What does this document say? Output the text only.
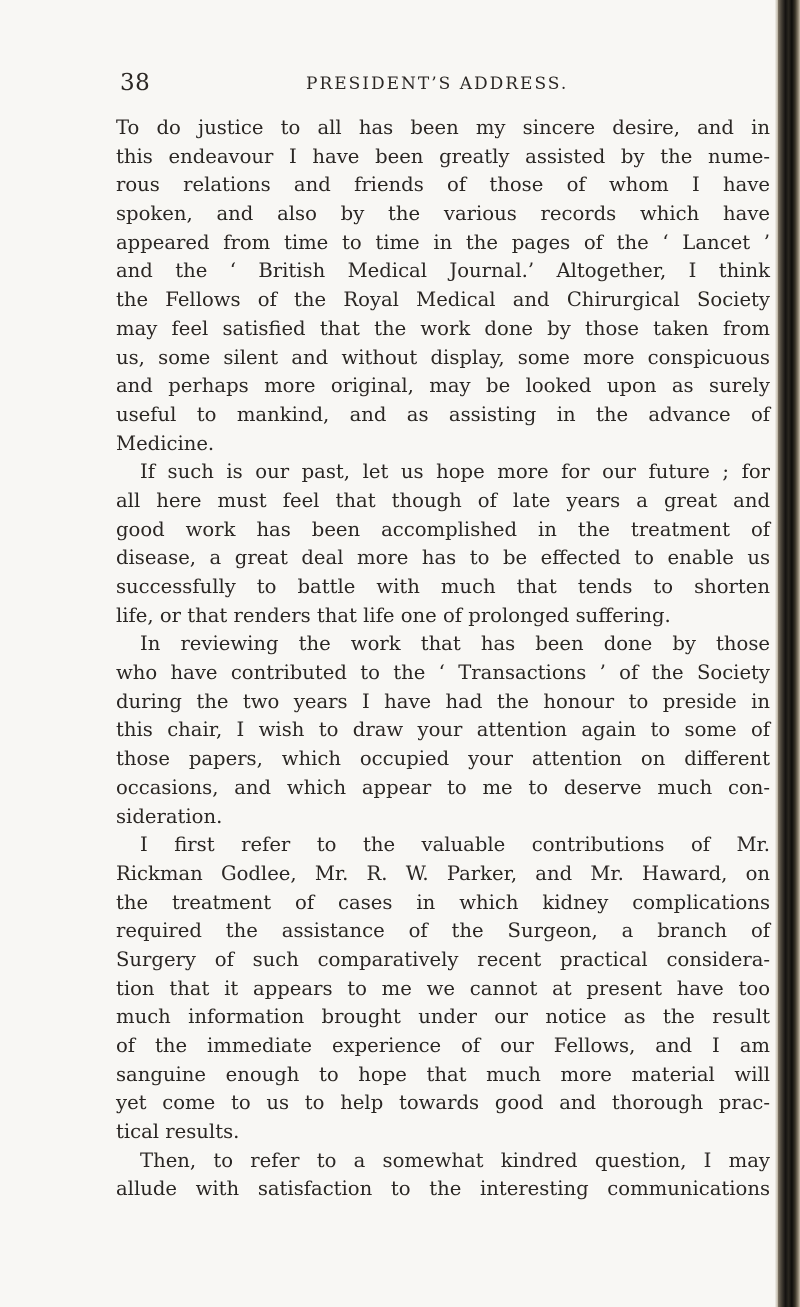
38	PRESIDENT’S ADDRESS.
To do justice to all has been my sincere desire, and in
this endeavour I have been greatly assisted by the nume-
rous relations and friends of those of whom I have
spoken, and also by the various records which have
appeared from time to time in the pages of the ‘ Lancet ’
and the ‘ British Medical Journal.’ Altogether, I think
the Fellows of the Royal Medical and Chirurgical Society
may feel satisfied that the work done by those taken from
us, some silent and without display, some more conspicuous
and perhaps more original, may be looked upon as surely
useful to mankind, and as assisting in the advance of
Medicine.
If such is our past, let us hope more for our future ; for
all here must feel that though of late years a great and
good work has been accomplished in the treatment of
disease, a great deal more has to be effected to enable us
successfully to battle with much that tends to shorten
life, or that renders that life one of prolonged suffering.
In reviewing the work that has been done by those
who have contributed to the ‘ Transactions ’ of the Society
during the two years I have had the honour to preside in
this chair, I wish to draw your attention again to some of
those papers, which occupied your attention on different
occasions, and which appear to me to deserve much con-
sideration.
I first refer to the valuable contributions of Mr.
Rickman Godlee, Mr. R. W. Parker, and Mr. Haward, on
the treatment of cases in which kidney complications
required the assistance of the Surgeon, a branch of
Surgery of such comparatively recent practical considera-
tion that it appears to me we cannot at present have too
much information brought under our notice as the result
of the immediate experience of our Fellows, and I am
sanguine enough to hope that much more material will
yet come to us to help towards good and thorough prac-
tical results.
Then, to refer to a somewhat kindred question, I may
allude with satisfaction to the interesting communications
